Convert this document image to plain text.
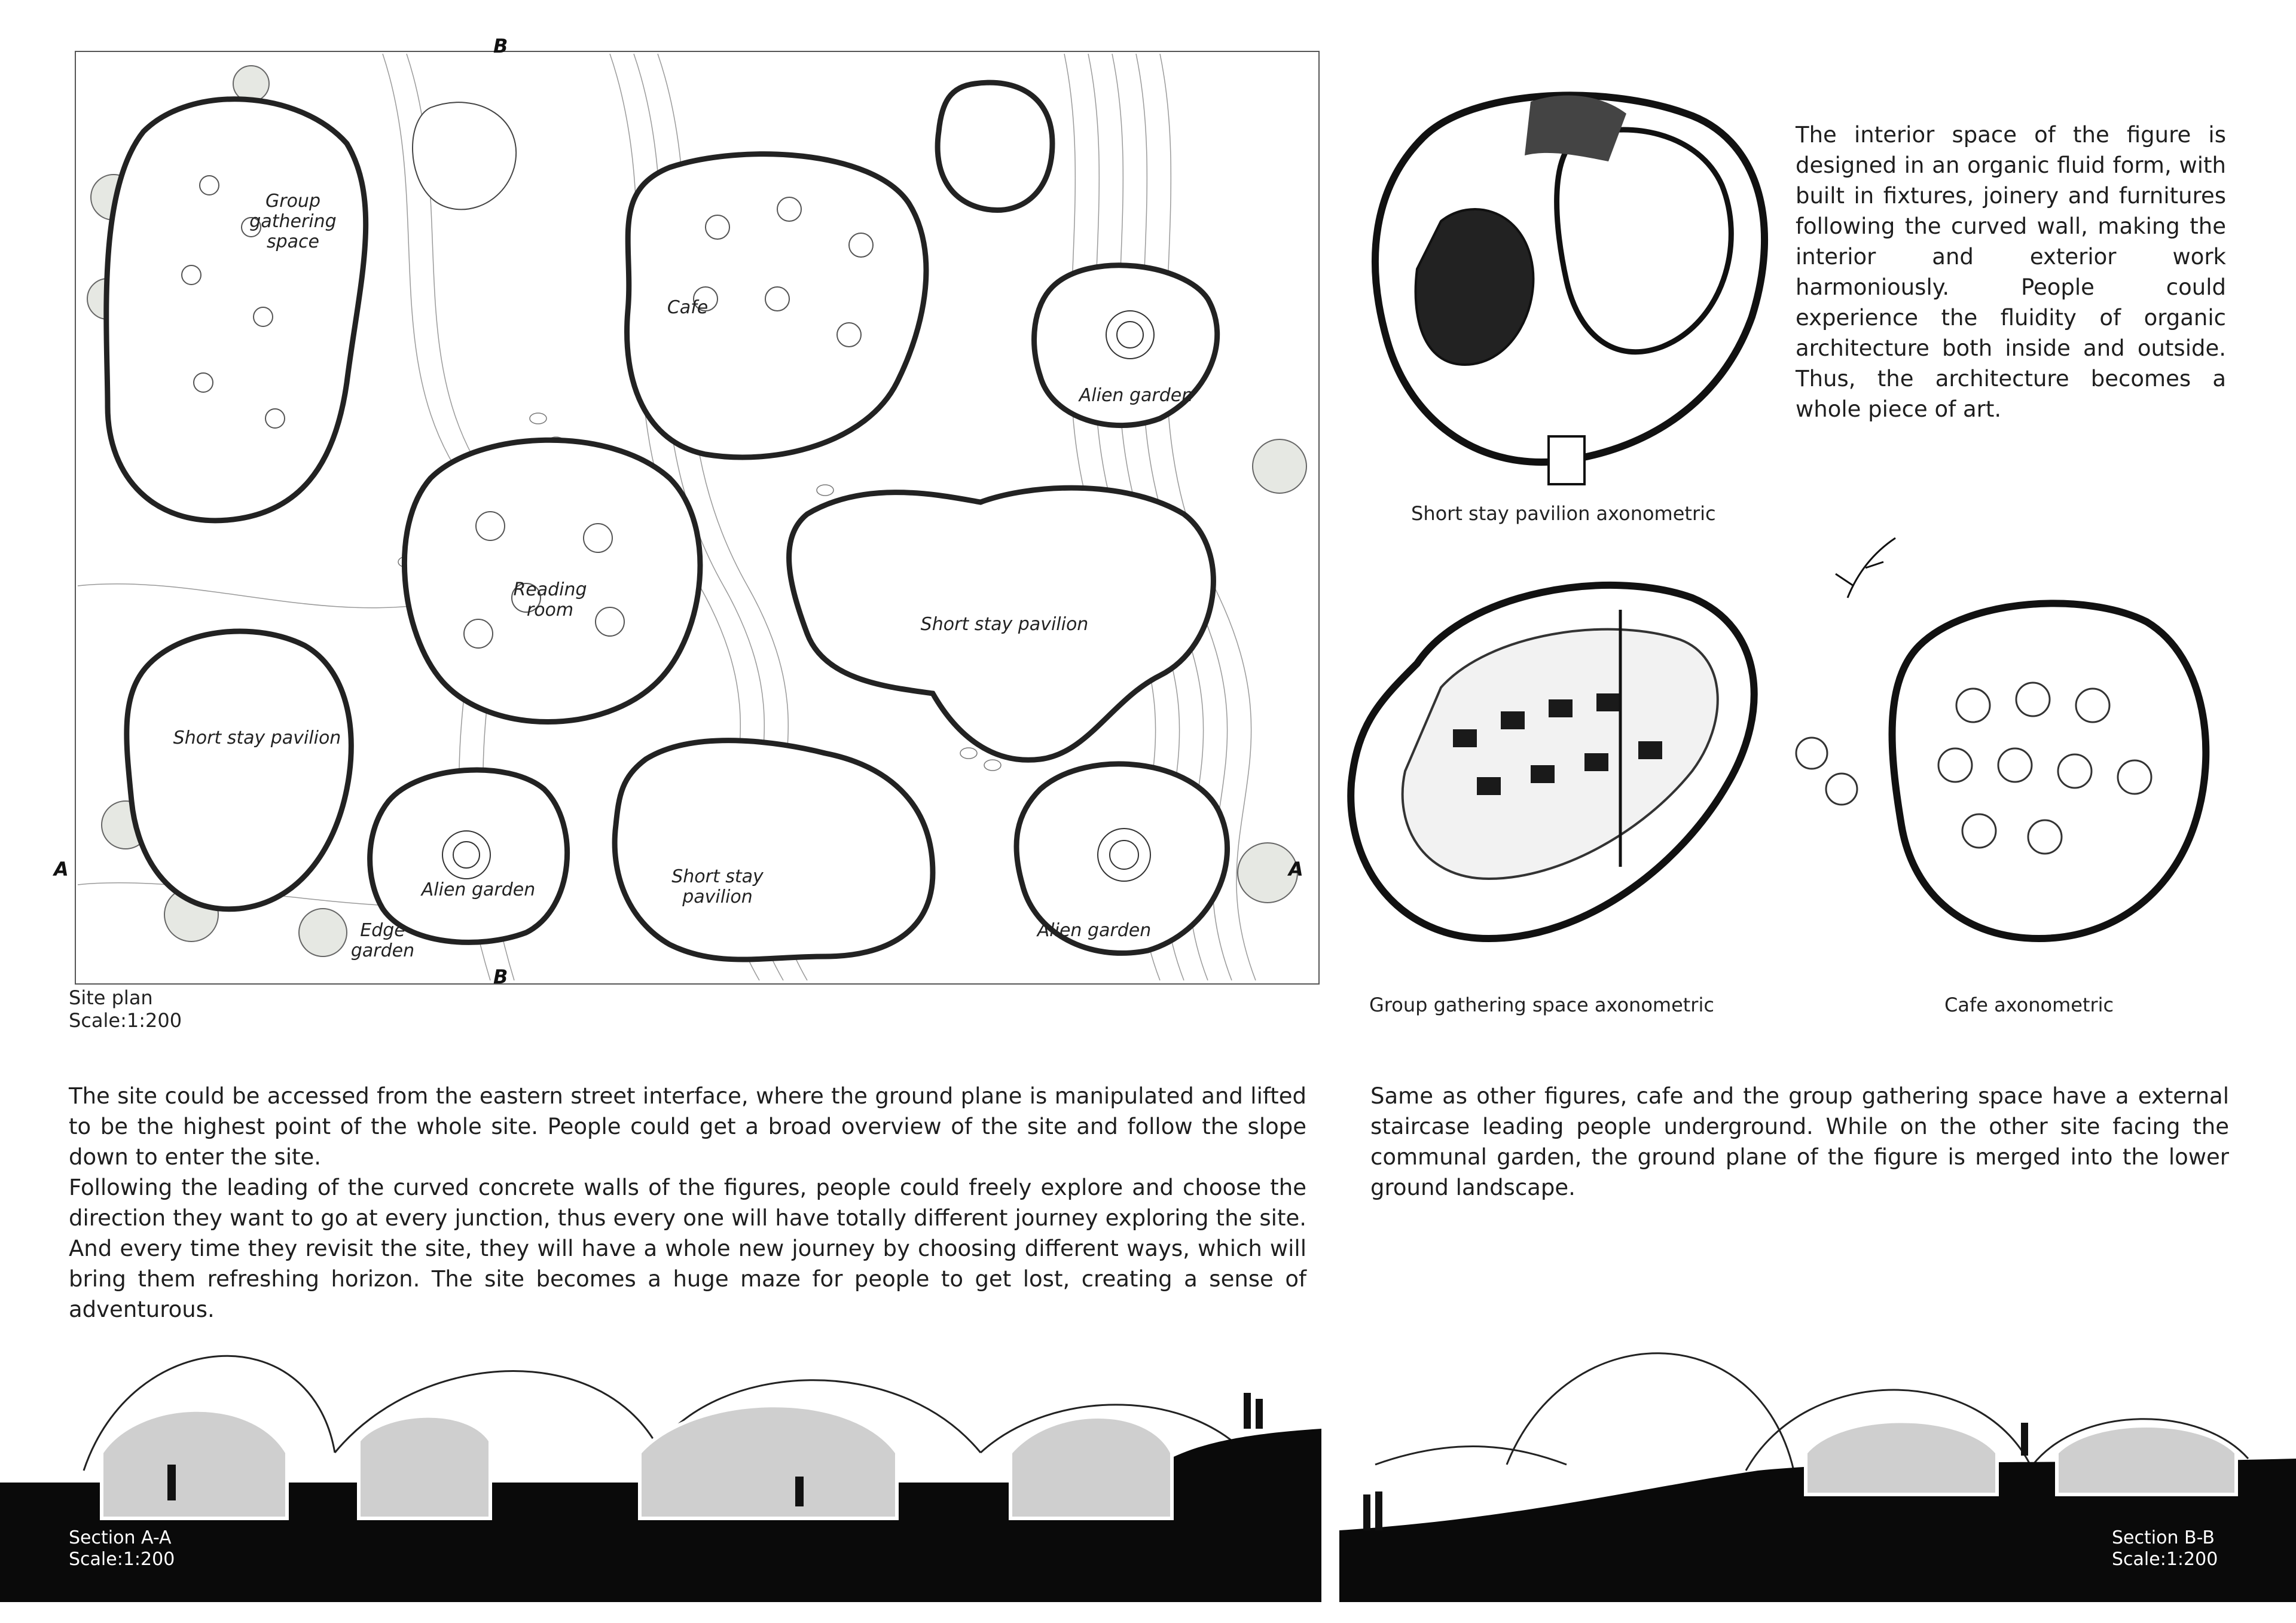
Group
gathering
space
Cafe
Alien garden
Reading
room
Short stay pavilion
Short stay pavilion
Alien garden
Short stay
pavilion
Alien garden
Edge
garden
B
B
A	A
Site plan
Scale:1:200
Short stay pavilion axonometric
Group gathering space axonometric	Cafe axonometric
The interior space of the figure is designed in an organic fluid form, with built in fixtures, joinery and furnitures following the curved wall, making the interior and exterior work harmoniously. People could experience the fluidity of organic architecture both inside and outside. Thus, the architecture becomes a whole piece of art.
The site could be accessed from the eastern street interface, where the ground plane is manipulated and lifted to be the highest point of the whole site. People could get a broad overview of the site and follow the slope down to enter the site.
Following the leading of the curved concrete walls of the figures, people could freely explore and choose the direction they want to go at every junction, thus every one will have totally different journey exploring the site. And every time they revisit the site, they will have a whole new journey by choosing different ways, which will bring them refreshing horizon. The site becomes a huge maze for people to get lost, creating a sense of adventurous.
Same as other figures, cafe and the group gathering space have a external staircase leading people underground. While on the other site facing the communal garden, the ground plane of the figure is merged into the lower ground landscape.
Section A-A
Scale:1:200
Section B-B
Scale:1:200
